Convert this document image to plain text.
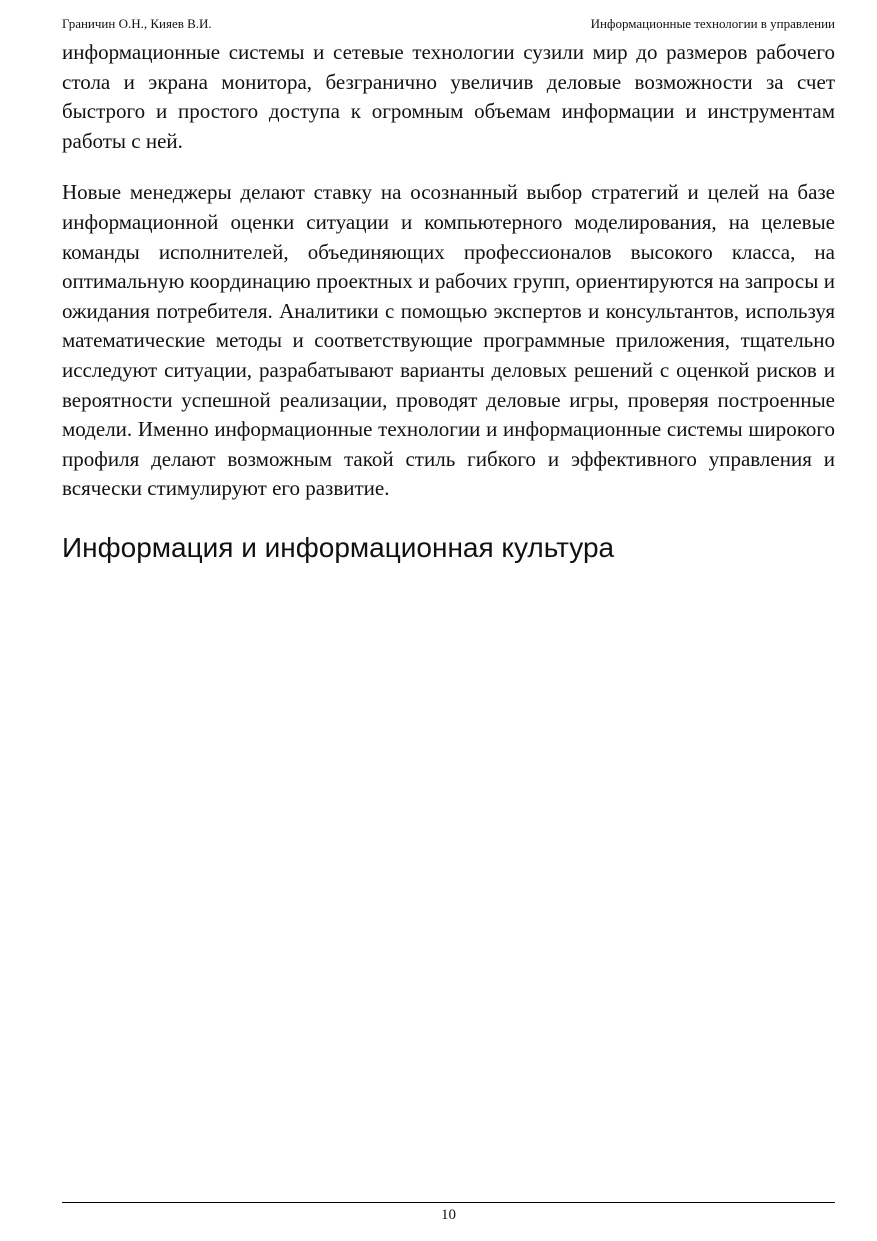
Граничин О.Н., Кияев В.И.	Информационные технологии в управлении

информационные системы и сетевые технологии сузили мир до размеров рабочего стола и экрана монитора, безгранично увеличив деловые возможности за счет быстрого и простого доступа к огромным объемам информации и инструментам работы с ней.

Новые менеджеры делают ставку на осознанный выбор стратегий и целей на базе информационной оценки ситуации и компьютерного моделирования, на целевые команды исполнителей, объединяющих профессионалов высокого класса, на оптимальную координацию проектных и рабочих групп, ориентируются на запросы и ожидания потребителя. Аналитики с помощью экспертов и консультантов, используя математические методы и соответствующие программные приложения, тщательно исследуют ситуации, разрабатывают варианты деловых решений с оценкой рисков и вероятности успешной реализации, проводят деловые игры, проверяя построенные модели. Именно информационные технологии и информационные системы широкого профиля делают возможным такой стиль гибкого и эффективного управления и всячески стимулируют его развитие.

Информация и информационная культура
10
